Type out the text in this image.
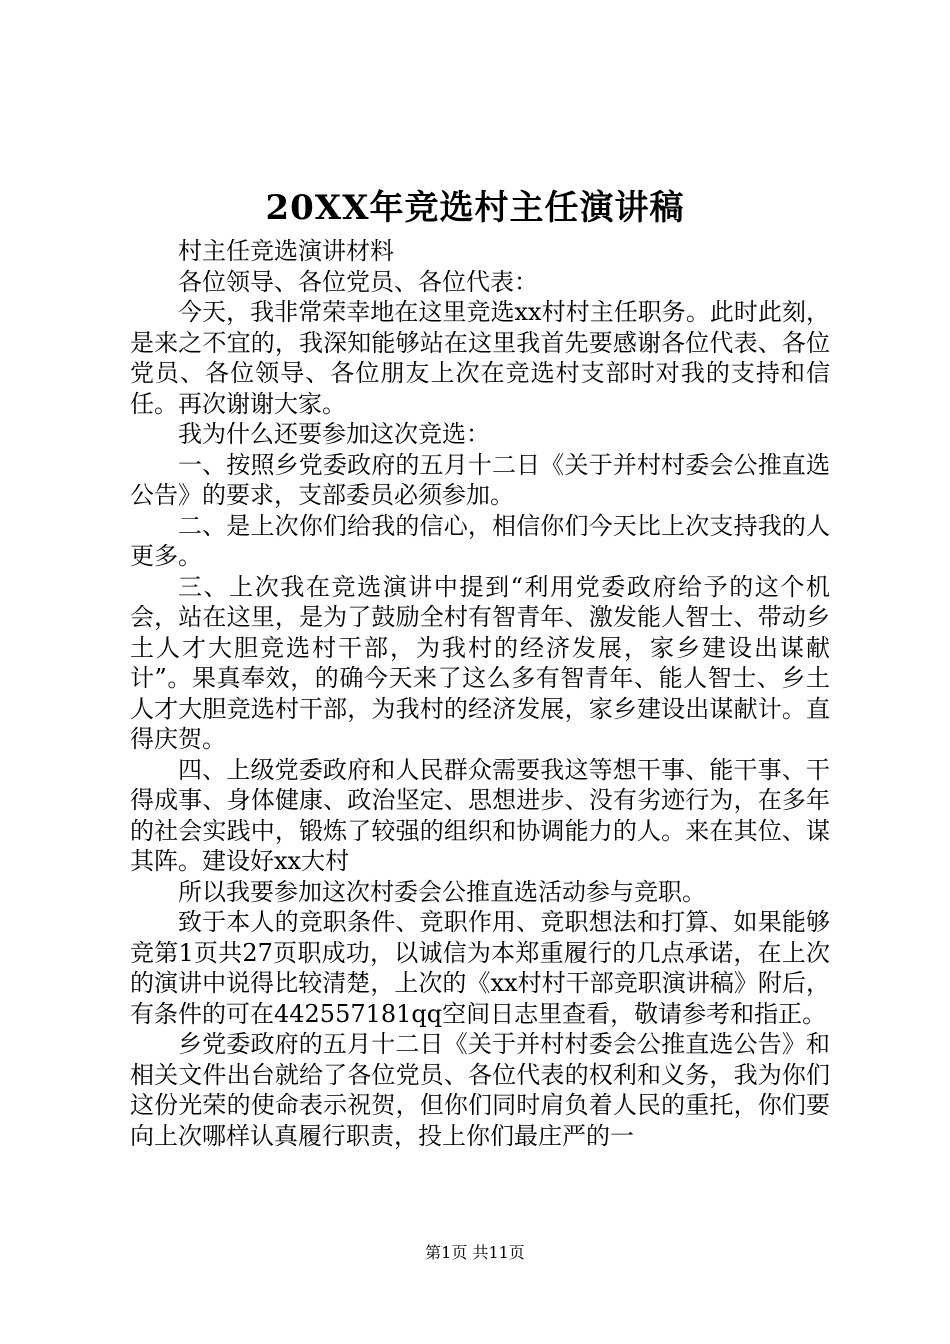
20XX年竞选村主任演讲稿

村主任竞选演讲材料

各位领导、各位党员、各位代表：

今天，我非常荣幸地在这里竞选xx村村主任职务。此时此刻，是来之不宜的，我深知能够站在这里我首先要感谢各位代表、各位党员、各位领导、各位朋友上次在竞选村支部时对我的支持和信任。再次谢谢大家。

我为什么还要参加这次竞选：

一、按照乡党委政府的五月十二日《关于并村村委会公推直选公告》的要求，支部委员必须参加。

二、是上次你们给我的信心，相信你们今天比上次支持我的人更多。

三、上次我在竞选演讲中提到“利用党委政府给予的这个机会，站在这里，是为了鼓励全村有智青年、激发能人智士、带动乡土人才大胆竞选村干部，为我村的经济发展，家乡建设出谋献计”。果真奉效，的确今天来了这么多有智青年、能人智士、乡土人才大胆竞选村干部，为我村的经济发展，家乡建设出谋献计。直得庆贺。

四、上级党委政府和人民群众需要我这等想干事、能干事、干得成事、身体健康、政治坚定、思想进步、没有劣迹行为，在多年的社会实践中，锻炼了较强的组织和协调能力的人。来在其位、谋其阵。建设好xx大村

所以我要参加这次村委会公推直选活动参与竞职。

致于本人的竞职条件、竞职作用、竞职想法和打算、如果能够竞第1页共27页职成功，以诚信为本郑重履行的几点承诺，在上次的演讲中说得比较清楚，上次的《xx村村干部竞职演讲稿》附后，有条件的可在442557181qq空间日志里查看，敬请参考和指正。

乡党委政府的五月十二日《关于并村村委会公推直选公告》和相关文件出台就给了各位党员、各位代表的权利和义务，我为你们这份光荣的使命表示祝贺，但你们同时肩负着人民的重托，你们要向上次哪样认真履行职责，投上你们最庄严的一

第1页 共11页
